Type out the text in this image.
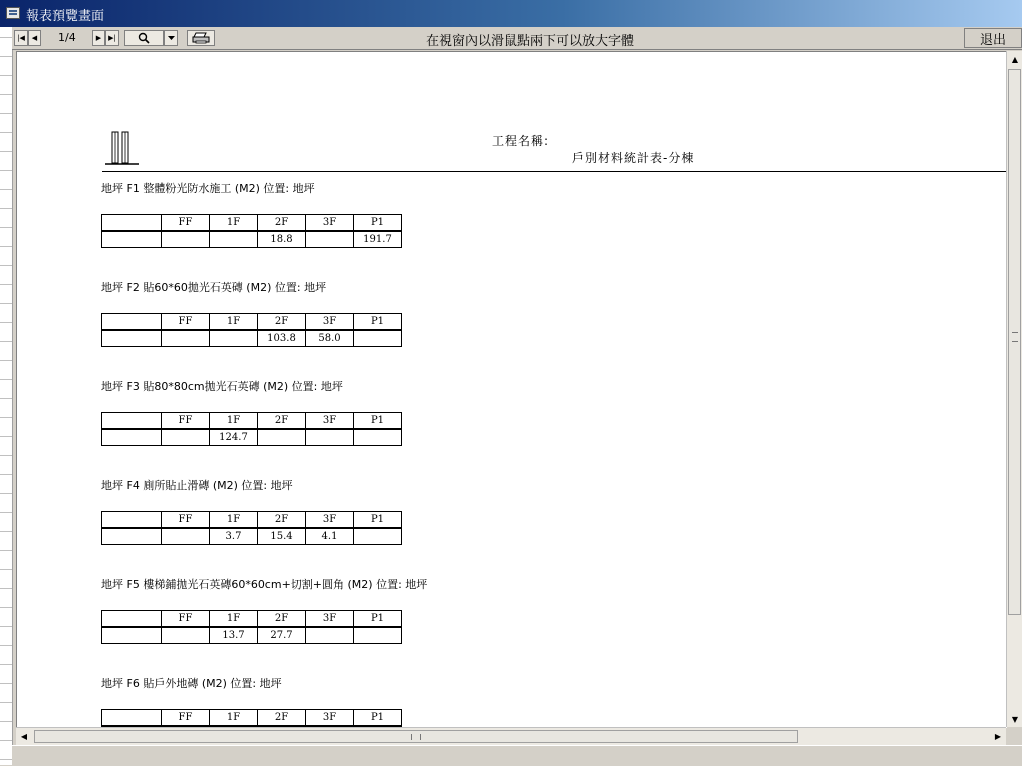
報表預覽畫面
|◀ ◀ 1/4	▶ ▶|	在視窗內以滑鼠點兩下可以放大字體	退出
工程名稱:
戶別材料統計表-分棟
地坪 F1 整體粉光防水施工 (M2) 位置: 地坪
	FF	1F	2F	3F	P1
			18.8		191.7
地坪 F2 貼60*60拋光石英磚 (M2) 位置: 地坪
	FF	1F	2F	3F	P1
			103.8	58.0	
地坪 F3 貼80*80cm拋光石英磚 (M2) 位置: 地坪
	FF	1F	2F	3F	P1
		124.7			
地坪 F4 廁所貼止滑磚 (M2) 位置: 地坪
	FF	1F	2F	3F	P1
		3.7	15.4	4.1	
地坪 F5 樓梯鋪拋光石英磚60*60cm+切割+圓角 (M2) 位置: 地坪
	FF	1F	2F	3F	P1
		13.7	27.7		
地坪 F6 貼戶外地磚 (M2) 位置: 地坪
	FF	1F	2F	3F	P1

▲
▼
◀	▶
